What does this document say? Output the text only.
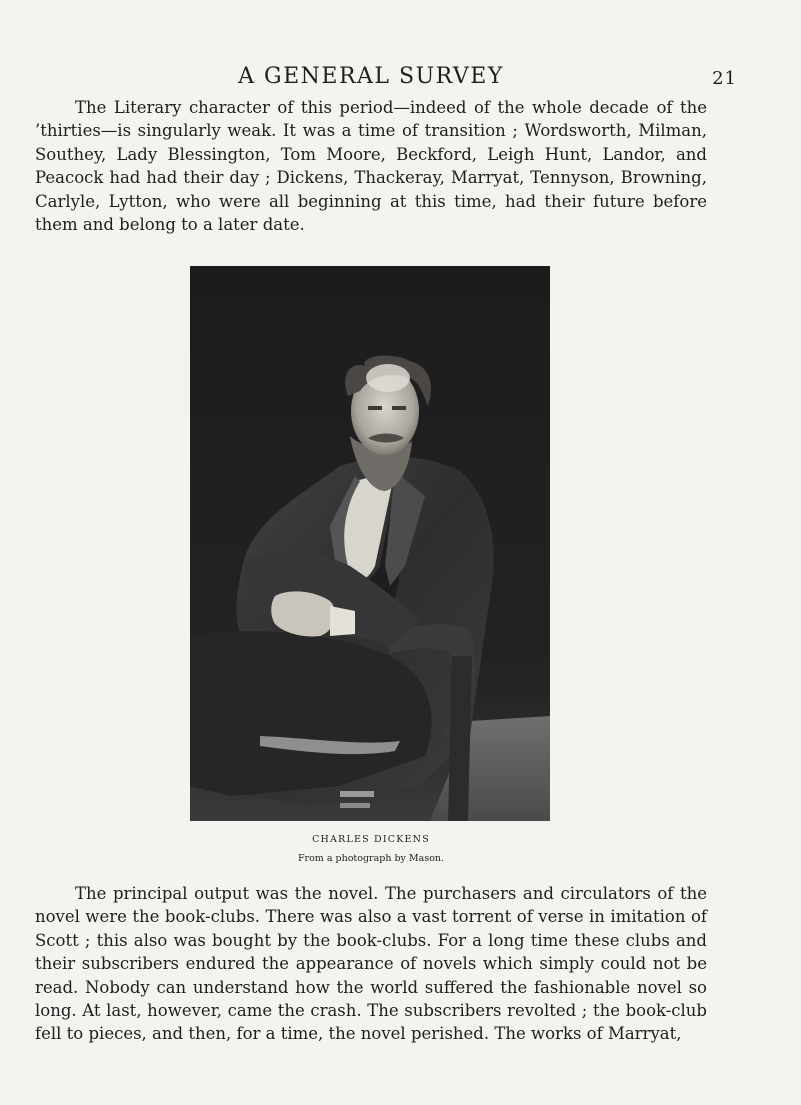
A GENERAL SURVEY	21

The Literary character of this period—indeed of the whole decade of the ’thirties—is singularly weak. It was a time of transition ; Wordsworth, Milman, Southey, Lady Blessington, Tom Moore, Beckford, Leigh Hunt, Landor, and Peacock had had their day ; Dickens, Thackeray, Marryat, Tennyson, Browning, Carlyle, Lytton, who were all beginning at this time, had their future before them and belong to a later date.

CHARLES DICKENS
From a photograph by Mason.

The principal output was the novel. The purchasers and circulators of the novel were the book-clubs. There was also a vast torrent of verse in imitation of Scott ; this also was bought by the book-clubs. For a long time these clubs and their subscribers endured the appearance of novels which simply could not be read. Nobody can understand how the world suffered the fashionable novel so long. At last, however, came the crash. The subscribers revolted ; the book-club fell to pieces, and then, for a time, the novel perished. The works of Marryat,
